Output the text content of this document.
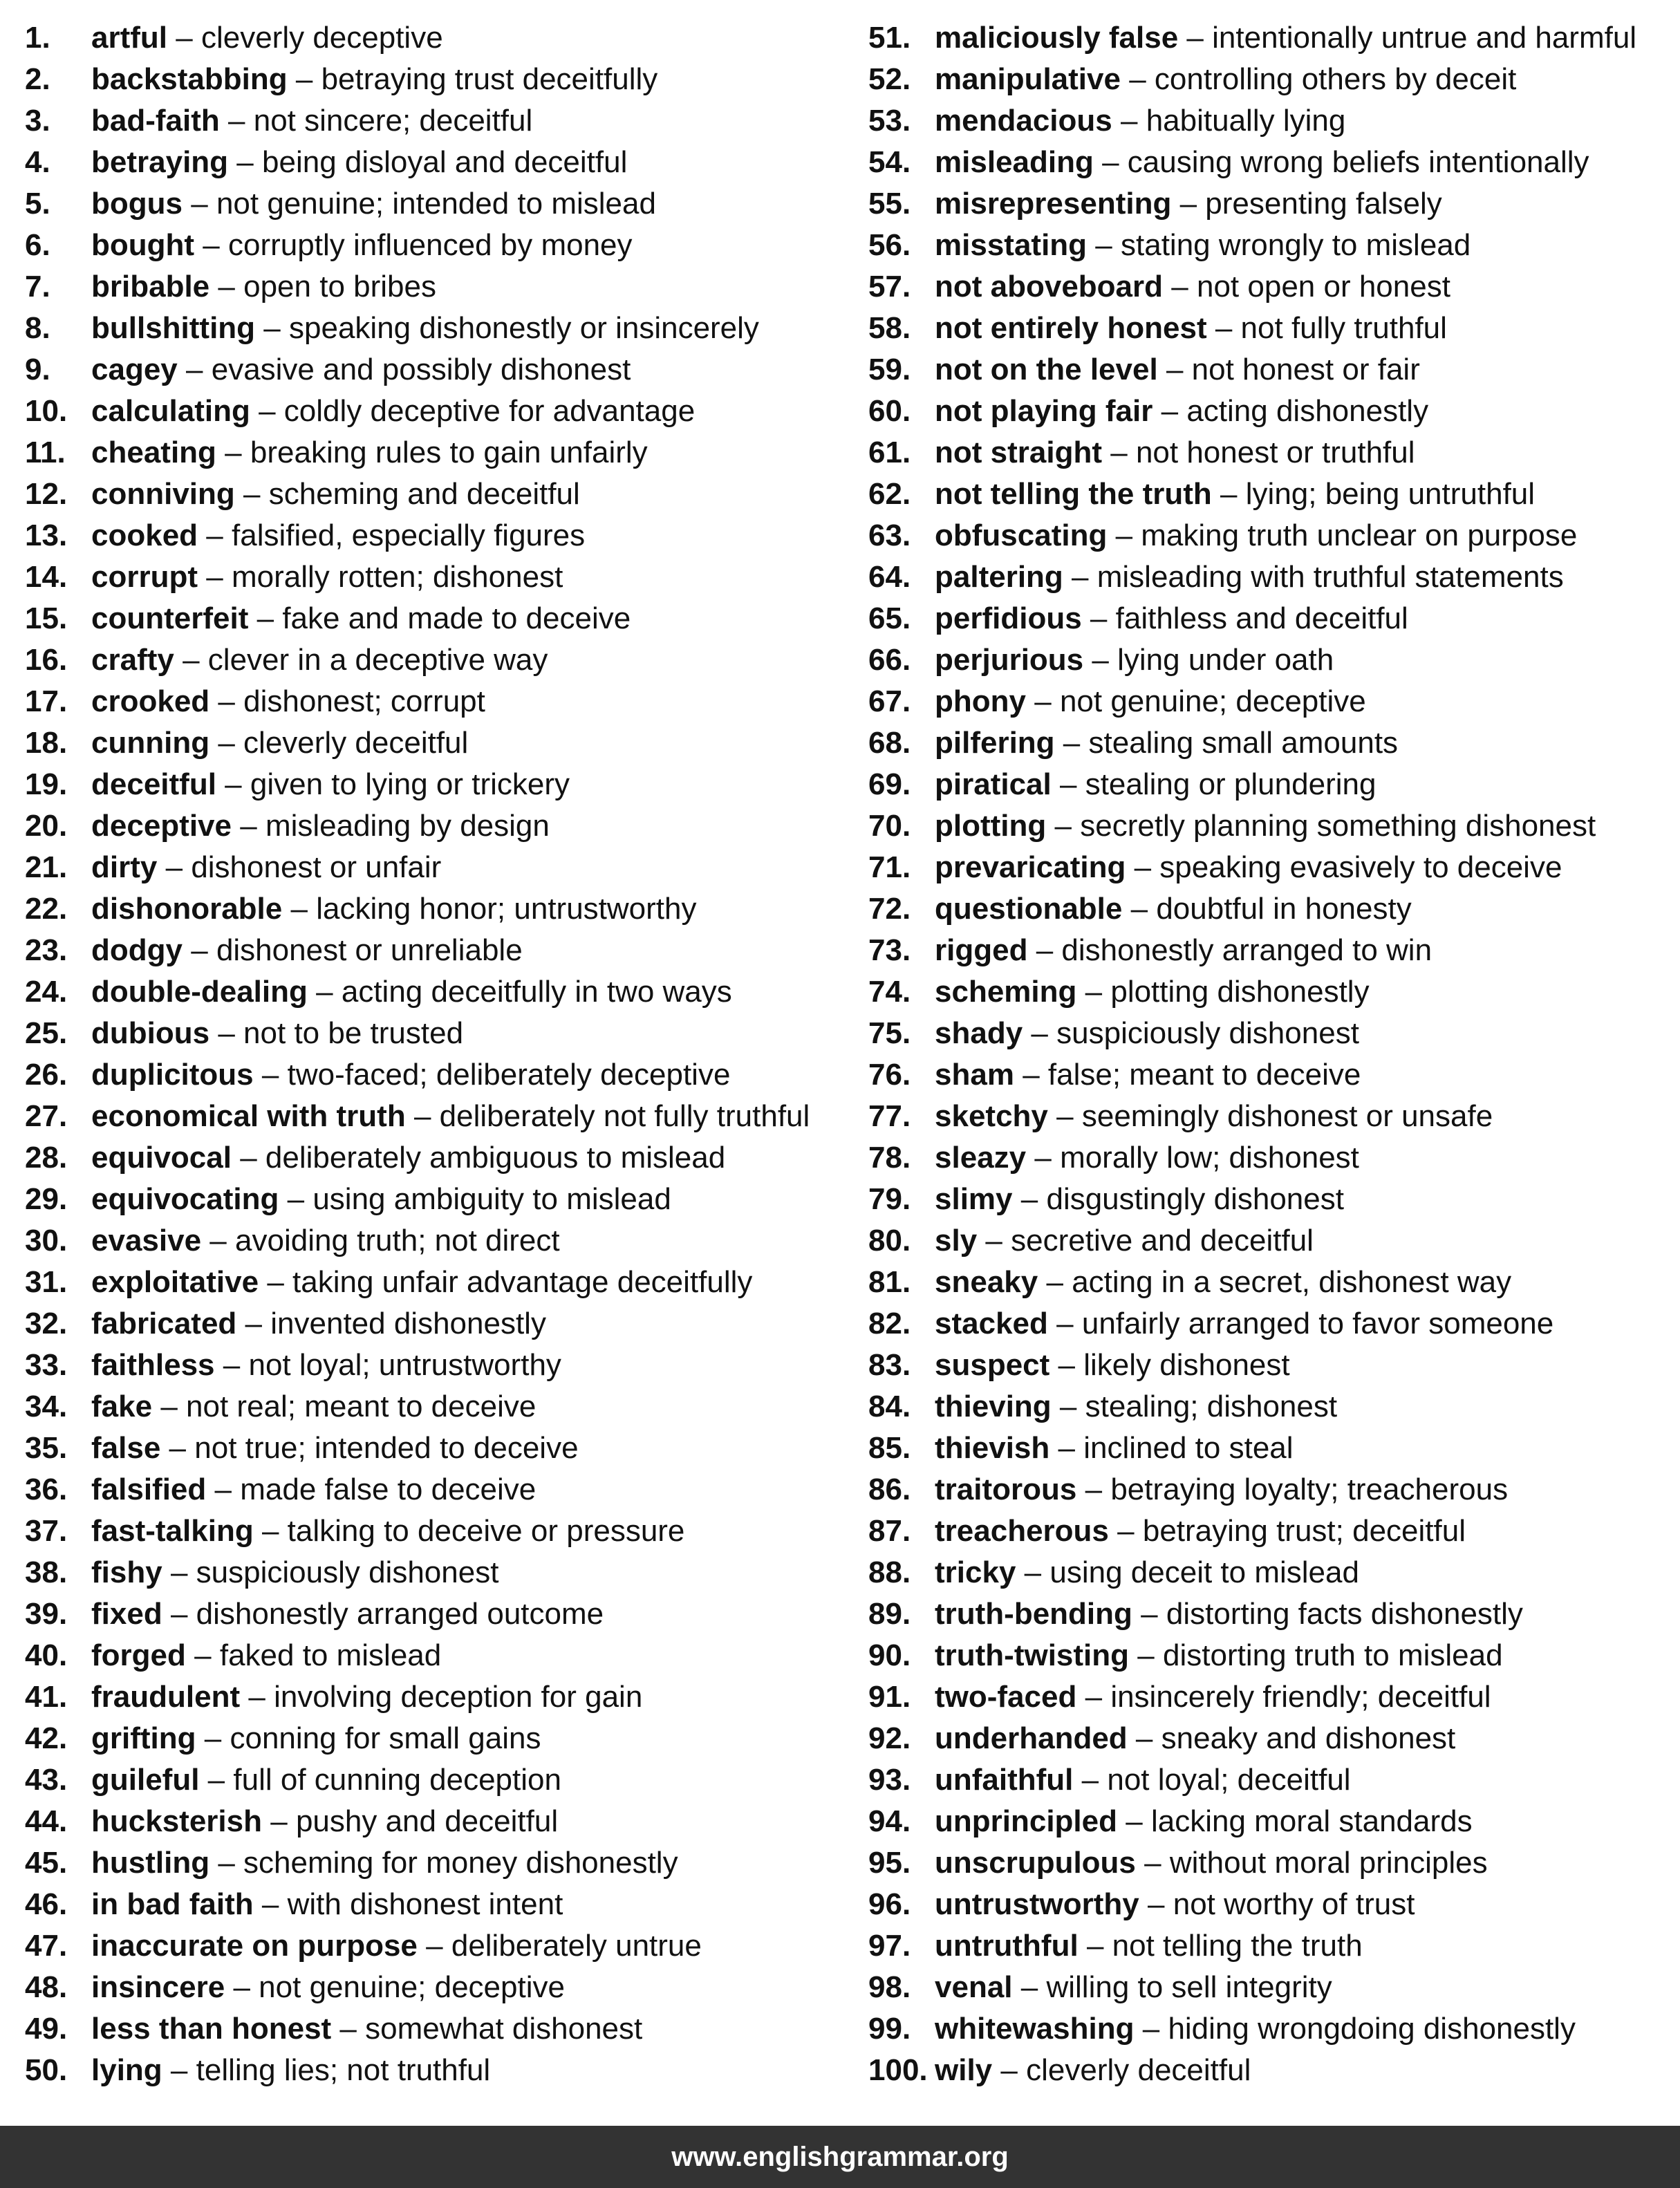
1. artful – cleverly deceptive
2. backstabbing – betraying trust deceitfully
3. bad-faith – not sincere; deceitful
4. betraying – being disloyal and deceitful
5. bogus – not genuine; intended to mislead
6. bought – corruptly influenced by money
7. bribable – open to bribes
8. bullshitting – speaking dishonestly or insincerely
9. cagey – evasive and possibly dishonest
10. calculating – coldly deceptive for advantage
11. cheating – breaking rules to gain unfairly
12. conniving – scheming and deceitful
13. cooked – falsified, especially figures
14. corrupt – morally rotten; dishonest
15. counterfeit – fake and made to deceive
16. crafty – clever in a deceptive way
17. crooked – dishonest; corrupt
18. cunning – cleverly deceitful
19. deceitful – given to lying or trickery
20. deceptive – misleading by design
21. dirty – dishonest or unfair
22. dishonorable – lacking honor; untrustworthy
23. dodgy – dishonest or unreliable
24. double-dealing – acting deceitfully in two ways
25. dubious – not to be trusted
26. duplicitous – two-faced; deliberately deceptive
27. economical with truth – deliberately not fully truthful
28. equivocal – deliberately ambiguous to mislead
29. equivocating – using ambiguity to mislead
30. evasive – avoiding truth; not direct
31. exploitative – taking unfair advantage deceitfully
32. fabricated – invented dishonestly
33. faithless – not loyal; untrustworthy
34. fake – not real; meant to deceive
35. false – not true; intended to deceive
36. falsified – made false to deceive
37. fast-talking – talking to deceive or pressure
38. fishy – suspiciously dishonest
39. fixed – dishonestly arranged outcome
40. forged – faked to mislead
41. fraudulent – involving deception for gain
42. grifting – conning for small gains
43. guileful – full of cunning deception
44. hucksterish – pushy and deceitful
45. hustling – scheming for money dishonestly
46. in bad faith – with dishonest intent
47. inaccurate on purpose – deliberately untrue
48. insincere – not genuine; deceptive
49. less than honest – somewhat dishonest
50. lying – telling lies; not truthful
51. maliciously false – intentionally untrue and harmful
52. manipulative – controlling others by deceit
53. mendacious – habitually lying
54. misleading – causing wrong beliefs intentionally
55. misrepresenting – presenting falsely
56. misstating – stating wrongly to mislead
57. not aboveboard – not open or honest
58. not entirely honest – not fully truthful
59. not on the level – not honest or fair
60. not playing fair – acting dishonestly
61. not straight – not honest or truthful
62. not telling the truth – lying; being untruthful
63. obfuscating – making truth unclear on purpose
64. paltering – misleading with truthful statements
65. perfidious – faithless and deceitful
66. perjurious – lying under oath
67. phony – not genuine; deceptive
68. pilfering – stealing small amounts
69. piratical – stealing or plundering
70. plotting – secretly planning something dishonest
71. prevaricating – speaking evasively to deceive
72. questionable – doubtful in honesty
73. rigged – dishonestly arranged to win
74. scheming – plotting dishonestly
75. shady – suspiciously dishonest
76. sham – false; meant to deceive
77. sketchy – seemingly dishonest or unsafe
78. sleazy – morally low; dishonest
79. slimy – disgustingly dishonest
80. sly – secretive and deceitful
81. sneaky – acting in a secret, dishonest way
82. stacked – unfairly arranged to favor someone
83. suspect – likely dishonest
84. thieving – stealing; dishonest
85. thievish – inclined to steal
86. traitorous – betraying loyalty; treacherous
87. treacherous – betraying trust; deceitful
88. tricky – using deceit to mislead
89. truth-bending – distorting facts dishonestly
90. truth-twisting – distorting truth to mislead
91. two-faced – insincerely friendly; deceitful
92. underhanded – sneaky and dishonest
93. unfaithful – not loyal; deceitful
94. unprincipled – lacking moral standards
95. unscrupulous – without moral principles
96. untrustworthy – not worthy of trust
97. untruthful – not telling the truth
98. venal – willing to sell integrity
99. whitewashing – hiding wrongdoing dishonestly
100. wily – cleverly deceitful
www.englishgrammar.org
